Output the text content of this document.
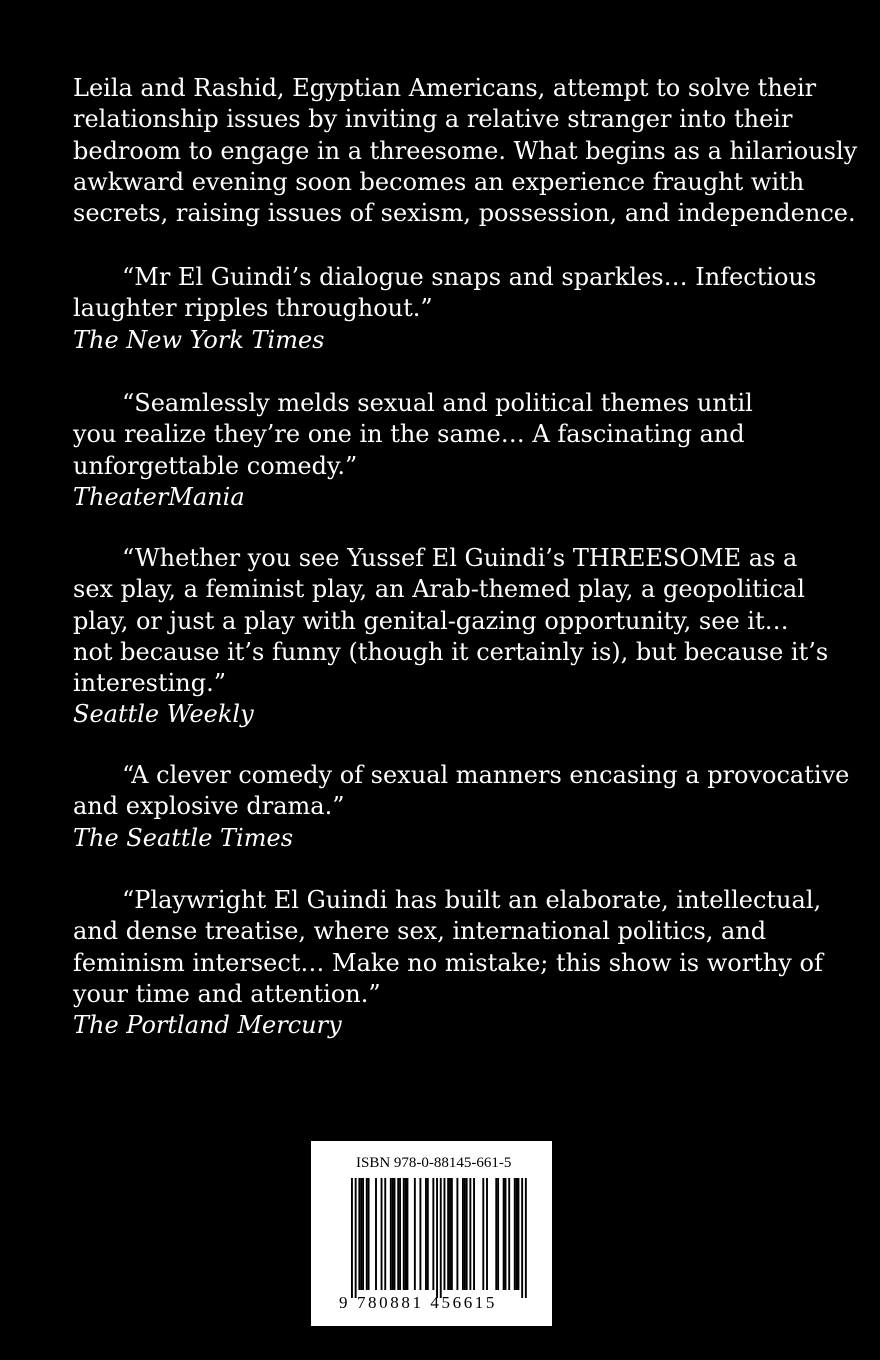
Leila and Rashid, Egyptian Americans, attempt to solve their
relationship issues by inviting a relative stranger into their
bedroom to engage in a threesome. What begins as a hilariously
awkward evening soon becomes an experience fraught with
secrets, raising issues of sexism, possession, and independence.
“Mr El Guindi’s dialogue snaps and sparkles… Infectious
laughter ripples throughout.”
The New York Times
“Seamlessly melds sexual and political themes until
you realize they’re one in the same… A fascinating and
unforgettable comedy.”
TheaterMania
“Whether you see Yussef El Guindi’s THREESOME as a
sex play, a feminist play, an Arab-themed play, a geopolitical
play, or just a play with genital-gazing opportunity, see it…
not because it’s funny (though it certainly is), but because it’s
interesting.”
Seattle Weekly
“A clever comedy of sexual manners encasing a provocative
and explosive drama.”
The Seattle Times
“Playwright El Guindi has built an elaborate, intellectual,
and dense treatise, where sex, international politics, and
feminism intersect… Make no mistake; this show is worthy of
your time and attention.”
The Portland Mercury
ISBN 978-0-88145-661-5
9 780881 456615
